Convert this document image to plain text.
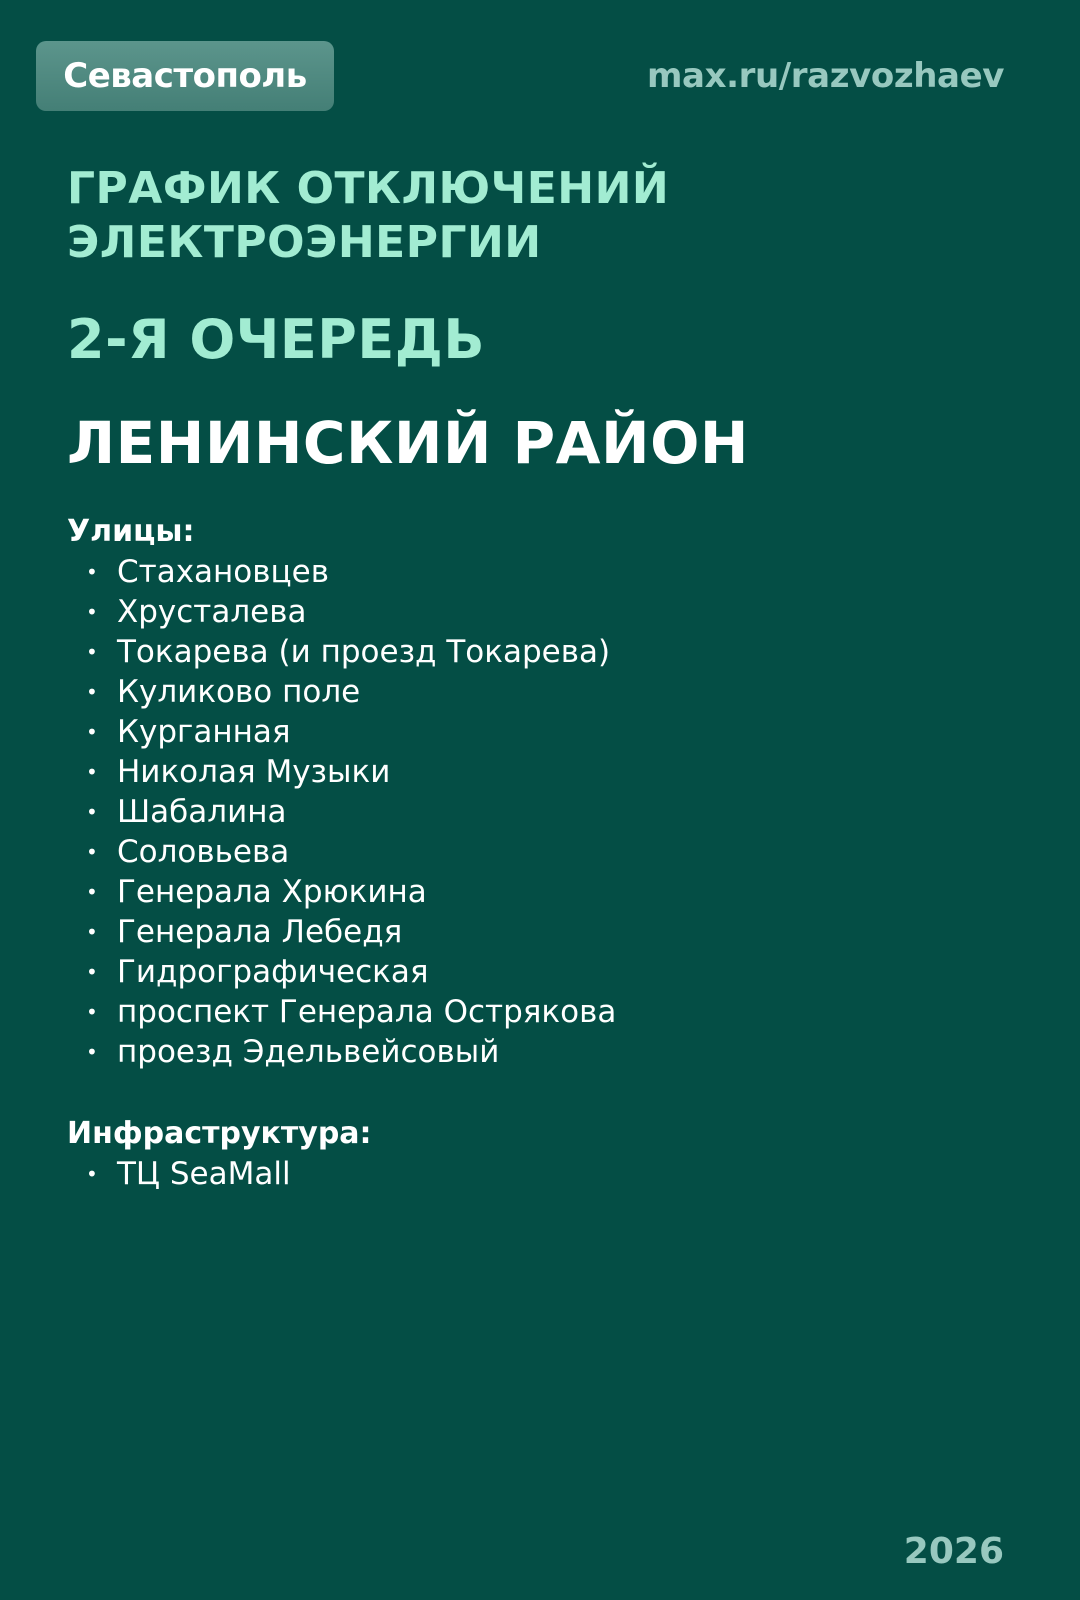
Севастополь	max.ru/razvozhaev
ГРАФИК ОТКЛЮЧЕНИЙ ЭЛЕКТРОЭНЕРГИИ
2-Я ОЧЕРЕДЬ
ЛЕНИНСКИЙ РАЙОН
Улицы:
• Стахановцев
• Хрусталева
• Токарева (и проезд Токарева)
• Куликово поле
• Курганная
• Николая Музыки
• Шабалина
• Соловьева
• Генерала Хрюкина
• Генерала Лебедя
• Гидрографическая
• проспект Генерала Острякова
• проезд Эдельвейсовый
Инфраструктура:
• ТЦ SeaMall
2026
